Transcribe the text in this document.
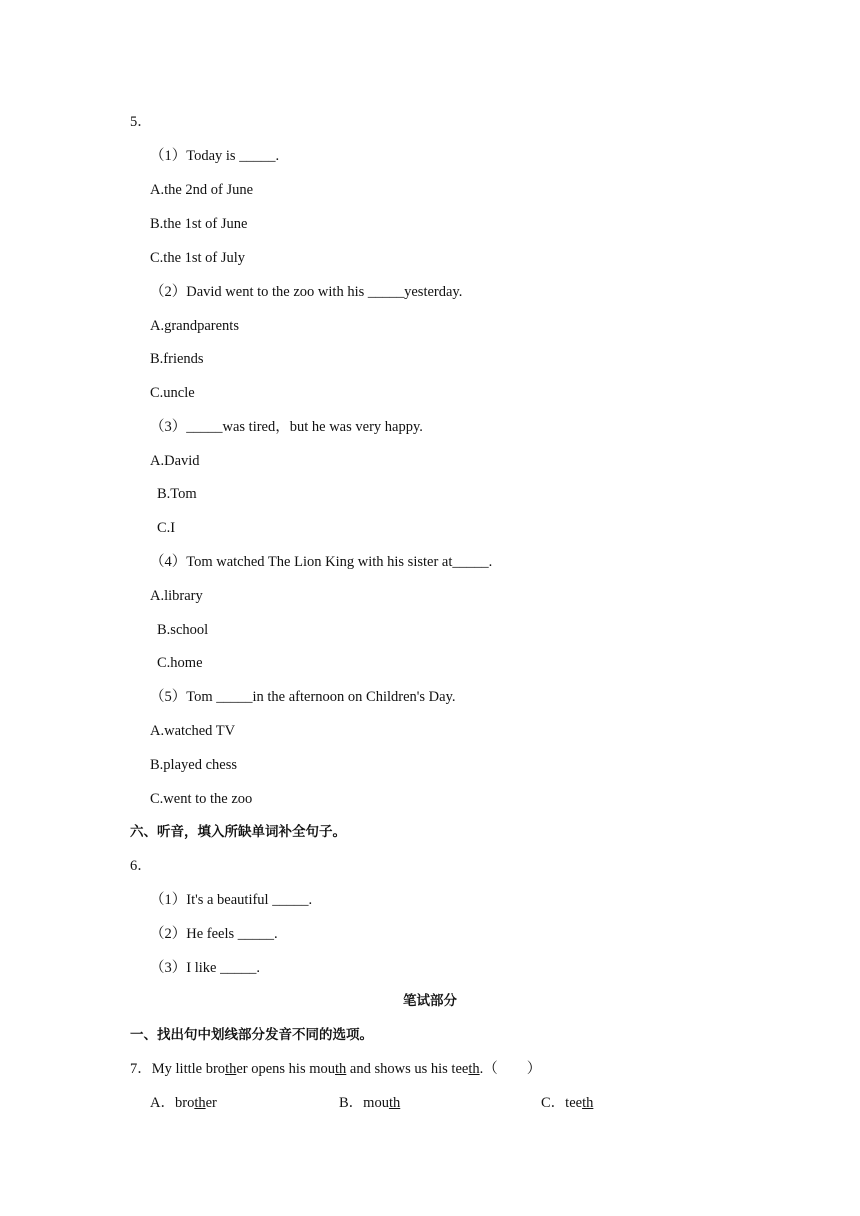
5．
（1）Today is _____.
A.the 2nd of June
B.the 1st of June
C.the 1st of July
（2）David went to the zoo with his _____yesterday.
A.grandparents
B.friends
C.uncle
（3）_____was tired，but he was very happy.
A.David
B.Tom
C.I
（4）Tom watched The Lion King with his sister at_____.
A.library
B.school
C.home
（5）Tom _____in the afternoon on Children's Day.
A.watched TV
B.played chess
C.went to the zoo
六、听音，填入所缺单词补全句子。
6．
（1）It's a beautiful _____.
（2）He feels _____.
（3）I like _____.
笔试部分
一、找出句中划线部分发音不同的选项。
7．My little brother opens his mouth and shows us his teeth.（　　）
A．brother	B．mouth	C．teeth
